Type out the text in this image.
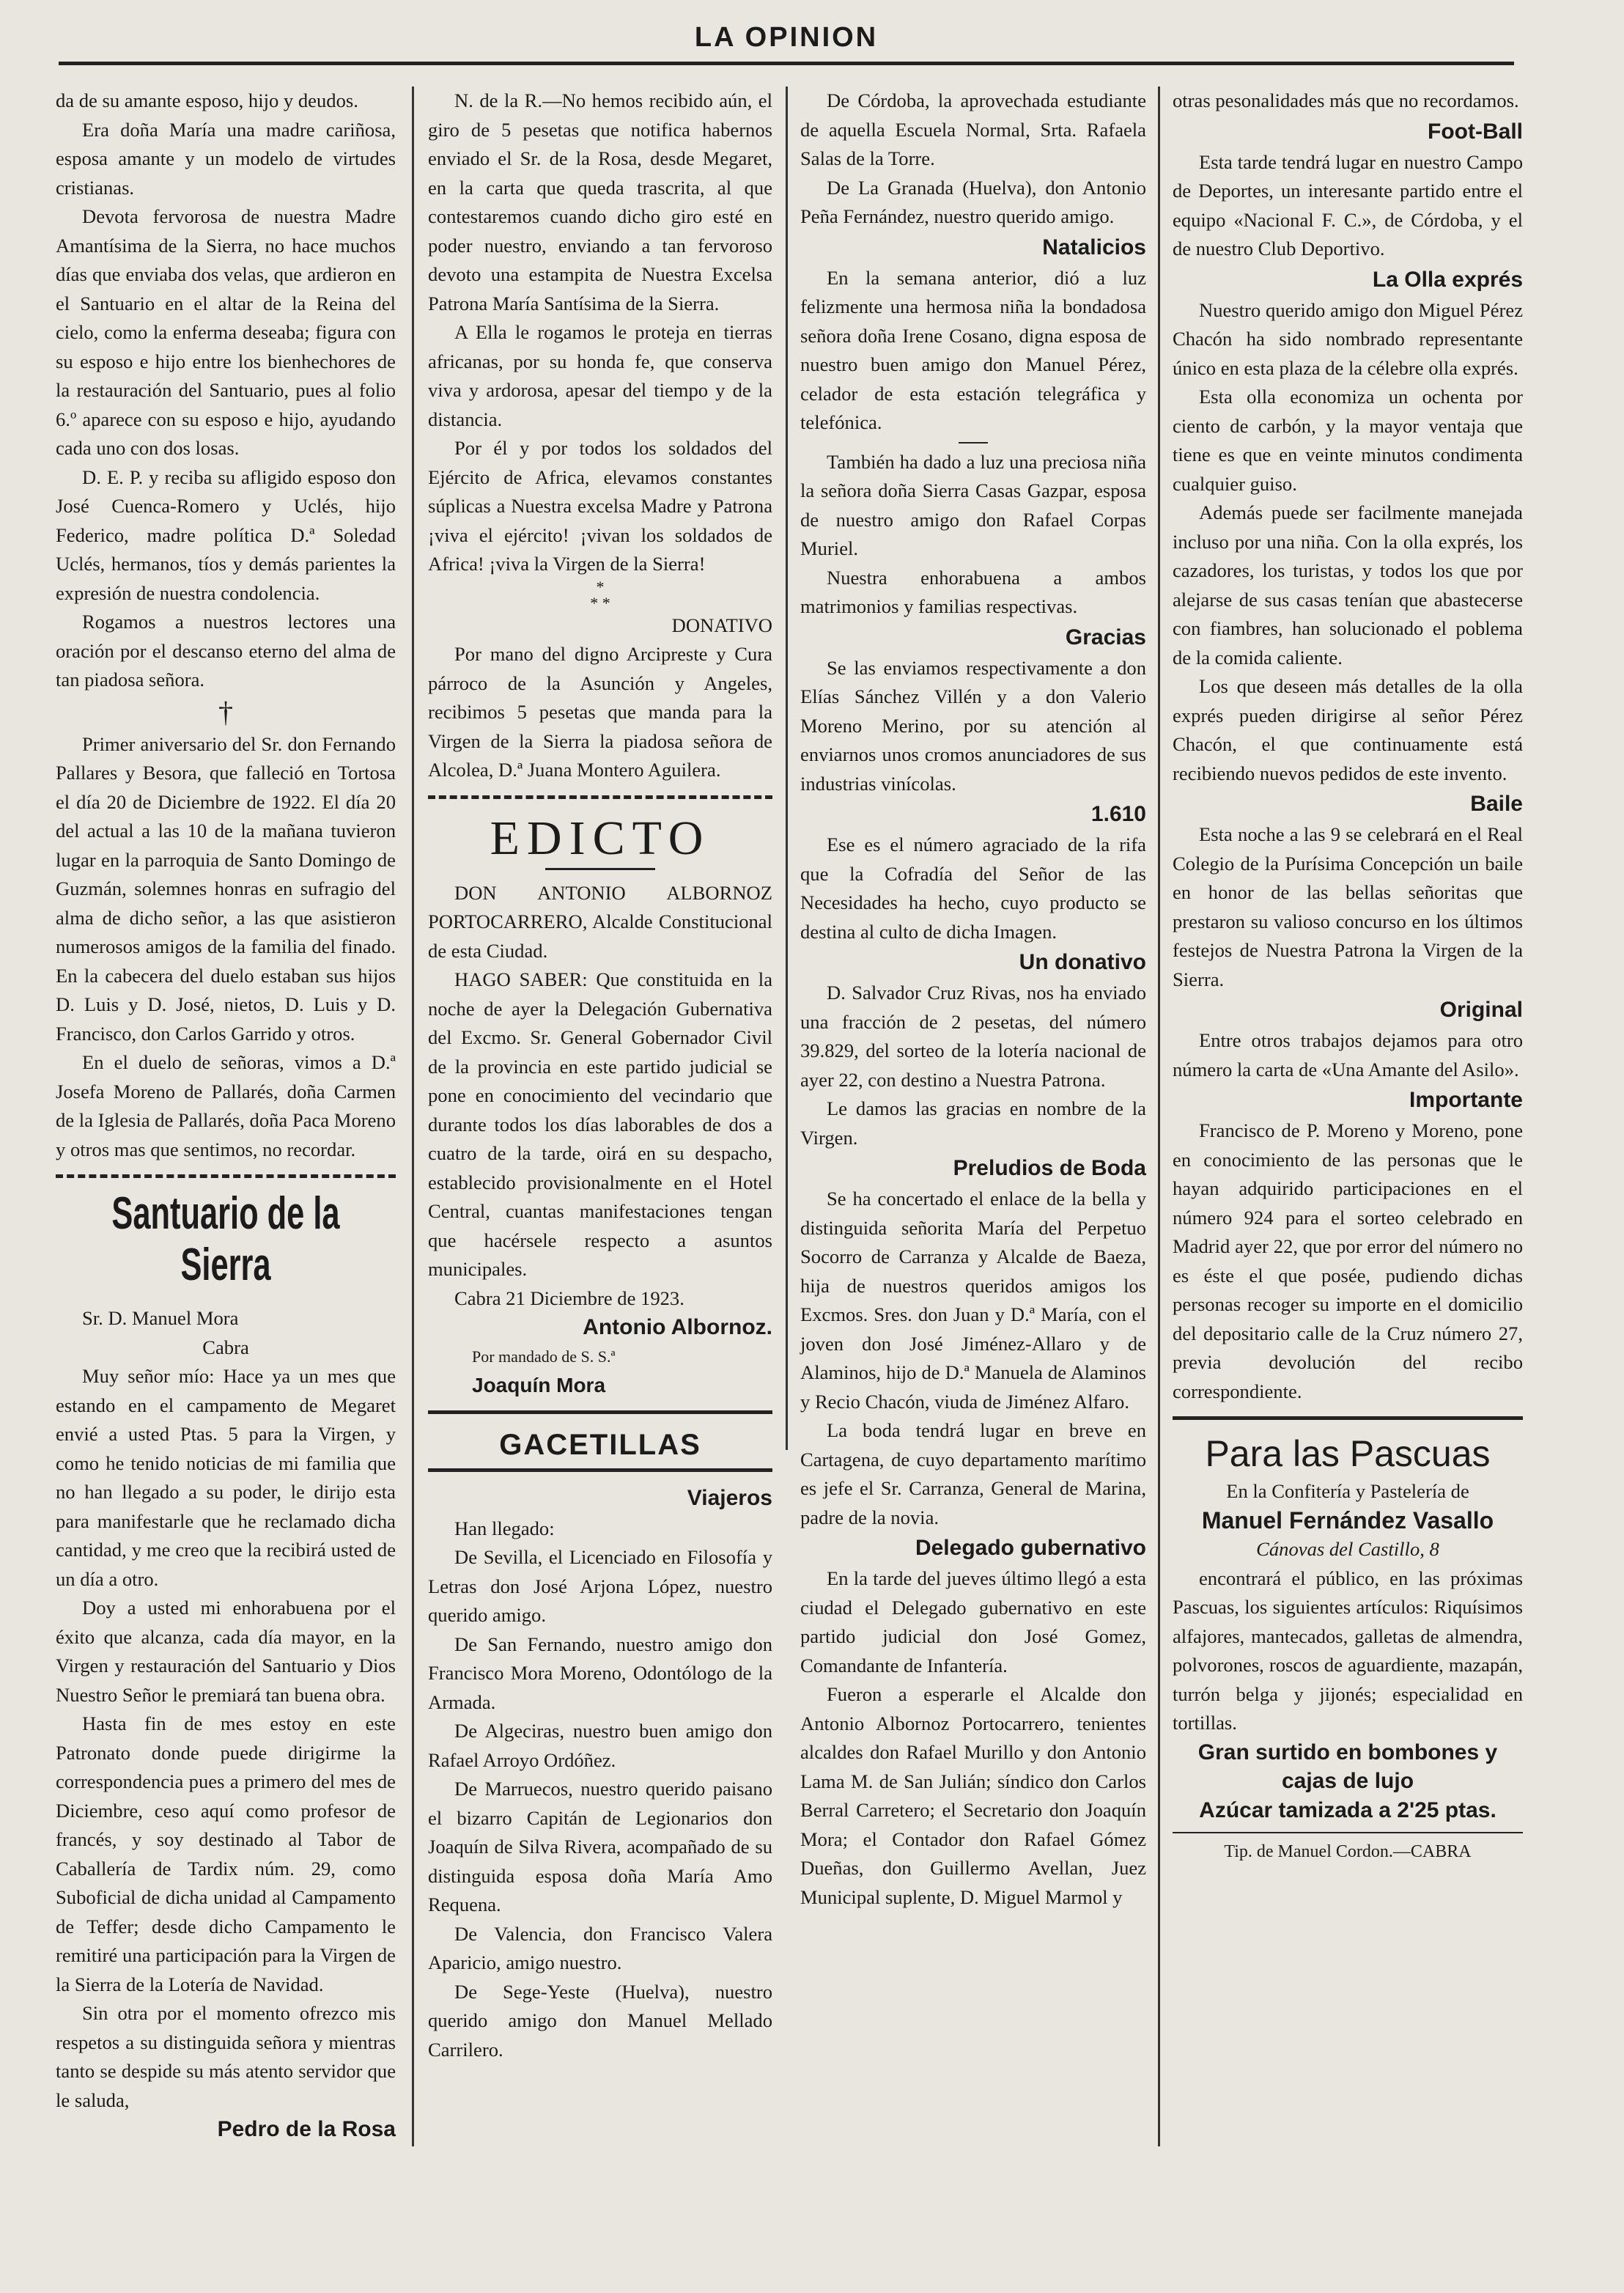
LA OPINION

da de su amante esposo, hijo y deudos.

Era doña María una madre cariñosa, esposa amante y un modelo de virtudes cristianas.

Devota fervorosa de nuestra Madre Amantísima de la Sierra, no hace muchos días que enviaba dos velas, que ardieron en el Santuario en el altar de la Reina del cielo, como la enferma deseaba; figura con su esposo e hijo entre los bienhechores de la restauración del Santuario, pues al folio 6.º aparece con su esposo e hijo, ayudando cada uno con dos losas.

D. E. P. y reciba su afligido esposo don José Cuenca-Romero y Uclés, hijo Federico, madre política D.ª Soledad Uclés, hermanos, tíos y demás parientes la expresión de nuestra condolencia.

Rogamos a nuestros lectores una oración por el descanso eterno del alma de tan piadosa señora.

†

Primer aniversario del Sr. don Fernando Pallares y Besora, que falleció en Tortosa el día 20 de Diciembre de 1922. El día 20 del actual a las 10 de la mañana tuvieron lugar en la parroquia de Santo Domingo de Guzmán, solemnes honras en sufragio del alma de dicho señor, a las que asistieron numerosos amigos de la familia del finado. En la cabecera del duelo estaban sus hijos D. Luis y D. José, nietos, D. Luis y D. Francisco, don Carlos Garrido y otros.

En el duelo de señoras, vimos a D.ª Josefa Moreno de Pallarés, doña Carmen de la Iglesia de Pallarés, doña Paca Moreno y otros mas que sentimos, no recordar.

Santuario de la Sierra

Sr. D. Manuel Mora

Cabra

Muy señor mío: Hace ya un mes que estando en el campamento de Megaret envié a usted Ptas. 5 para la Virgen, y como he tenido noticias de mi familia que no han llegado a su poder, le dirijo esta para manifestarle que he reclamado dicha cantidad, y me creo que la recibirá usted de un día a otro.

Doy a usted mi enhorabuena por el éxito que alcanza, cada día mayor, en la Virgen y restauración del Santuario y Dios Nuestro Señor le premiará tan buena obra.

Hasta fin de mes estoy en este Patronato donde puede dirigirme la correspondencia pues a primero del mes de Diciembre, ceso aquí como profesor de francés, y soy destinado al Tabor de Caballería de Tardix núm. 29, como Suboficial de dicha unidad al Campamento de Teffer; desde dicho Campamento le remitiré una participación para la Virgen de la Sierra de la Lotería de Navidad.

Sin otra por el momento ofrezco mis respetos a su distinguida señora y mientras tanto se despide su más atento servidor que le saluda,

Pedro de la Rosa

N. de la R.—No hemos recibido aún, el giro de 5 pesetas que notifica habernos enviado el Sr. de la Rosa, desde Megaret, en la carta que queda trascrita, al que contestaremos cuando dicho giro esté en poder nuestro, enviando a tan fervoroso devoto una estampita de Nuestra Excelsa Patrona María Santísima de la Sierra.

A Ella le rogamos le proteja en tierras africanas, por su honda fe, que conserva viva y ardorosa, apesar del tiempo y de la distancia.

Por él y por todos los soldados del Ejército de Africa, elevamos constantes súplicas a Nuestra excelsa Madre y Patrona ¡viva el ejército! ¡vivan los soldados de Africa! ¡viva la Virgen de la Sierra!

*
* *

DONATIVO

Por mano del digno Arcipreste y Cura párroco de la Asunción y Angeles, recibimos 5 pesetas que manda para la Virgen de la Sierra la piadosa señora de Alcolea, D.ª Juana Montero Aguilera.

EDICTO

DON ANTONIO ALBORNOZ PORTOCARRERO, Alcalde Constitucional de esta Ciudad.

HAGO SABER: Que constituida en la noche de ayer la Delegación Gubernativa del Excmo. Sr. General Gobernador Civil de la provincia en este partido judicial se pone en conocimiento del vecindario que durante todos los días laborables de dos a cuatro de la tarde, oirá en su despacho, establecido provisionalmente en el Hotel Central, cuantas manifestaciones tengan que hacérsele respecto a asuntos municipales.

Cabra 21 Diciembre de 1923.

Antonio Albornoz.
Por mandado de S. S.ª
Joaquín Mora
GACETILLAS
Viajeros

Han llegado:

De Sevilla, el Licenciado en Filosofía y Letras don José Arjona López, nuestro querido amigo.

De San Fernando, nuestro amigo don Francisco Mora Moreno, Odontólogo de la Armada.

De Algeciras, nuestro buen amigo don Rafael Arroyo Ordóñez.

De Marruecos, nuestro querido paisano el bizarro Capitán de Legionarios don Joaquín de Silva Rivera, acompañado de su distinguida esposa doña María Amo Requena.

De Valencia, don Francisco Valera Aparicio, amigo nuestro.

De Sege-Yeste (Huelva), nuestro querido amigo don Manuel Mellado Carrilero.

De Córdoba, la aprovechada estudiante de aquella Escuela Normal, Srta. Rafaela Salas de la Torre.

De La Granada (Huelva), don Antonio Peña Fernández, nuestro querido amigo.

Natalicios

En la semana anterior, dió a luz felizmente una hermosa niña la bondadosa señora doña Irene Cosano, digna esposa de nuestro buen amigo don Manuel Pérez, celador de esta estación telegráfica y telefónica.

También ha dado a luz una preciosa niña la señora doña Sierra Casas Gazpar, esposa de nuestro amigo don Rafael Corpas Muriel.

Nuestra enhorabuena a ambos matrimonios y familias respectivas.

Gracias

Se las enviamos respectivamente a don Elías Sánchez Villén y a don Valerio Moreno Merino, por su atención al enviarnos unos cromos anunciadores de sus industrias vinícolas.

1.610

Ese es el número agraciado de la rifa que la Cofradía del Señor de las Necesidades ha hecho, cuyo producto se destina al culto de dicha Imagen.

Un donativo

D. Salvador Cruz Rivas, nos ha enviado una fracción de 2 pesetas, del número 39.829, del sorteo de la lotería nacional de ayer 22, con destino a Nuestra Patrona.

Le damos las gracias en nombre de la Virgen.

Preludios de Boda

Se ha concertado el enlace de la bella y distinguida señorita María del Perpetuo Socorro de Carranza y Alcalde de Baeza, hija de nuestros queridos amigos los Excmos. Sres. don Juan y D.ª María, con el joven don José Jiménez-Allaro y de Alaminos, hijo de D.ª Manuela de Alaminos y Recio Chacón, viuda de Jiménez Alfaro.

La boda tendrá lugar en breve en Cartagena, de cuyo departamento marítimo es jefe el Sr. Carranza, General de Marina, padre de la novia.

Delegado gubernativo

En la tarde del jueves último llegó a esta ciudad el Delegado gubernativo en este partido judicial don José Gomez, Comandante de Infantería.

Fueron a esperarle el Alcalde don Antonio Albornoz Portocarrero, tenientes alcaldes don Rafael Murillo y don Antonio Lama M. de San Julián; síndico don Carlos Berral Carretero; el Secretario don Joaquín Mora; el Contador don Rafael Gómez Dueñas, don Guillermo Avellan, Juez Municipal suplente, D. Miguel Marmol y

otras pesonalidades más que no recordamos.

Foot-Ball

Esta tarde tendrá lugar en nuestro Campo de Deportes, un interesante partido entre el equipo «Nacional F. C.», de Córdoba, y el de nuestro Club Deportivo.

La Olla exprés

Nuestro querido amigo don Miguel Pérez Chacón ha sido nombrado representante único en esta plaza de la célebre olla exprés.

Esta olla economiza un ochenta por ciento de carbón, y la mayor ventaja que tiene es que en veinte minutos condimenta cualquier guiso.

Además puede ser facilmente manejada incluso por una niña. Con la olla exprés, los cazadores, los turistas, y todos los que por alejarse de sus casas tenían que abastecerse con fiambres, han solucionado el poblema de la comida caliente.

Los que deseen más detalles de la olla exprés pueden dirigirse al señor Pérez Chacón, el que continuamente está recibiendo nuevos pedidos de este invento.

Baile

Esta noche a las 9 se celebrará en el Real Colegio de la Purísima Concepción un baile en honor de las bellas señoritas que prestaron su valioso concurso en los últimos festejos de Nuestra Patrona la Virgen de la Sierra.

Original

Entre otros trabajos dejamos para otro número la carta de «Una Amante del Asilo».

Importante

Francisco de P. Moreno y Moreno, pone en conocimiento de las personas que le hayan adquirido participaciones en el número 924 para el sorteo celebrado en Madrid ayer 22, que por error del número no es éste el que posée, pudiendo dichas personas recoger su importe en el domicilio del depositario calle de la Cruz número 27, previa devolución del recibo correspondiente.

Para las Pascuas

En la Confitería y Pastelería de

Manuel Fernández Vasallo

Cánovas del Castillo, 8

encontrará el público, en las próximas Pascuas, los siguientes artículos: Riquísimos alfajores, mantecados, galletas de almendra, polvorones, roscos de aguardiente, mazapán, turrón belga y jijonés; especialidad en tortillas.

Gran surtido en bombones y cajas de lujo
Azúcar tamizada a 2'25 ptas.
Tip. de Manuel Cordon.—CABRA
